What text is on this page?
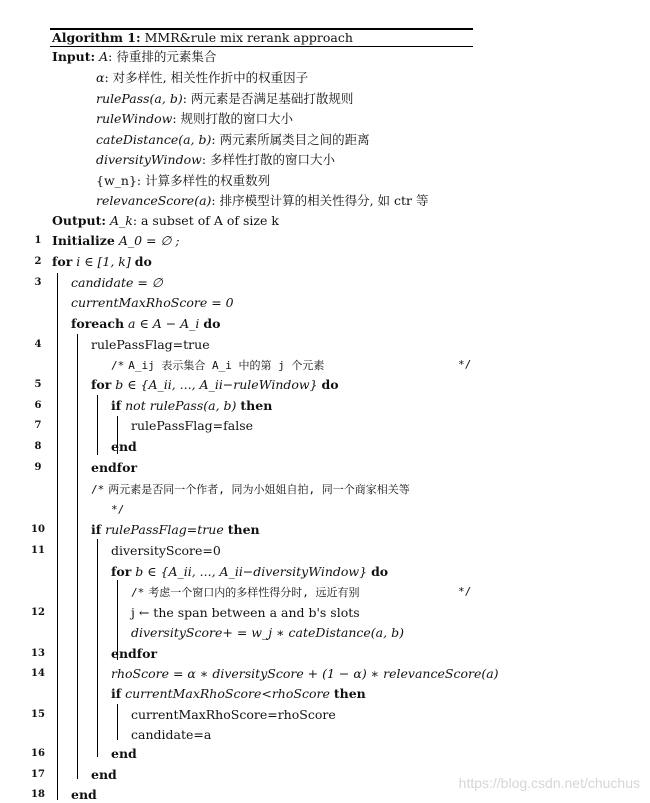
Algorithm 1: MMR&rule mix rerank approach
Input: A: 待重排的元素集合
α: 对多样性, 相关性作折中的权重因子
rulePass(a, b): 两元素是否满足基础打散规则
ruleWindow: 规则打散的窗口大小
cateDistance(a, b): 两元素所属类目之间的距离
diversityWindow: 多样性打散的窗口大小
{w_n}: 计算多样性的权重数列
relevanceScore(a): 排序模型计算的相关性得分, 如 ctr 等
Output: A_k: a subset of A of size k
1 Initialize A_0 = ∅ ;
2 for i ∈ [1, k] do
3	candidate = ∅
currentMaxRhoScore = 0
foreach a ∈ A − A_i do
4	rulePassFlag=true
/* A_ij 表示集合 A_i 中的第 j 个元素	*/
5	for b ∈ {A_ii, ..., A_ii−ruleWindow} do
6	if not rulePass(a, b) then
7	rulePassFlag=false
8	end
9	endfor
/* 两元素是否同一个作者, 同为小姐姐自拍, 同一个商家相关等
*/
10	if rulePassFlag=true then
11	diversityScore=0
for b ∈ {A_ii, ..., A_ii−diversityWindow} do
/* 考虑一个窗口内的多样性得分时, 远近有别	*/
12	j ← the span between a and b's slots
diversityScore+ = w_j ∗ cateDistance(a, b)
13	endfor
14	rhoScore = α ∗ diversityScore + (1 − α) ∗ relevanceScore(a)
if currentMaxRhoScore<rhoScore then
15	currentMaxRhoScore=rhoScore
candidate=a
16	end
17	end
18 end
https://blog.csdn.net/chuchus
